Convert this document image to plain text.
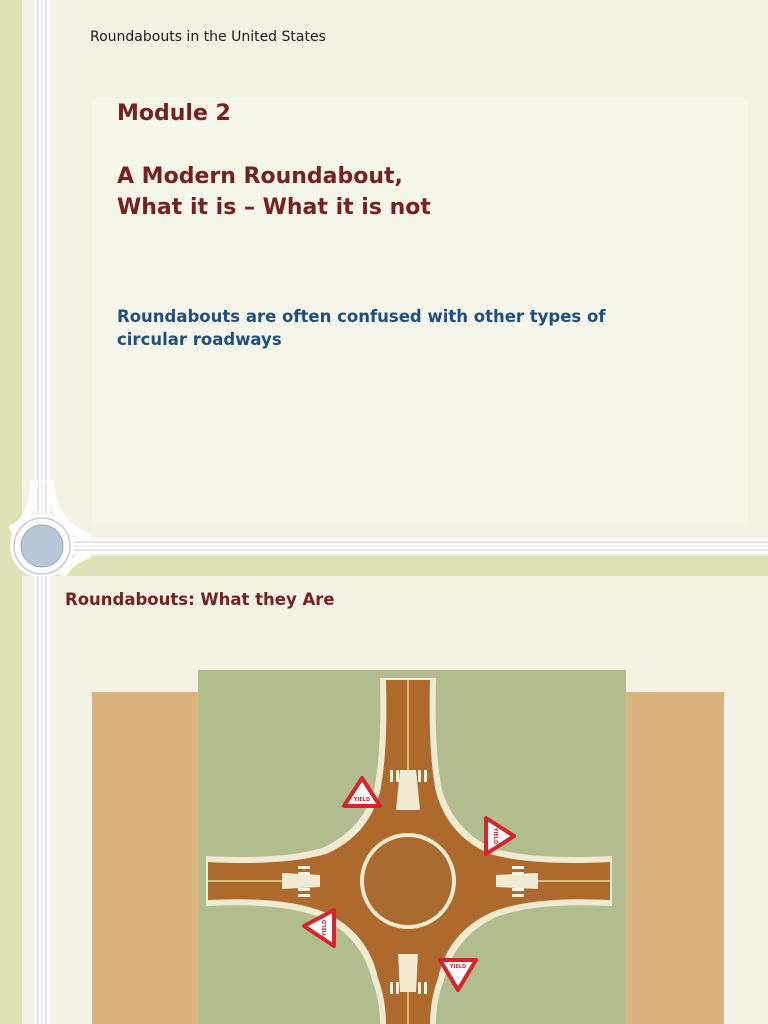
Roundabouts in the United States
Module 2
A Modern Roundabout,
What it is – What it is not

Roundabouts are often confused with other types of circular roadways

Roundabouts: What they Are
YIELD
YIELD
YIELD
YIELD
